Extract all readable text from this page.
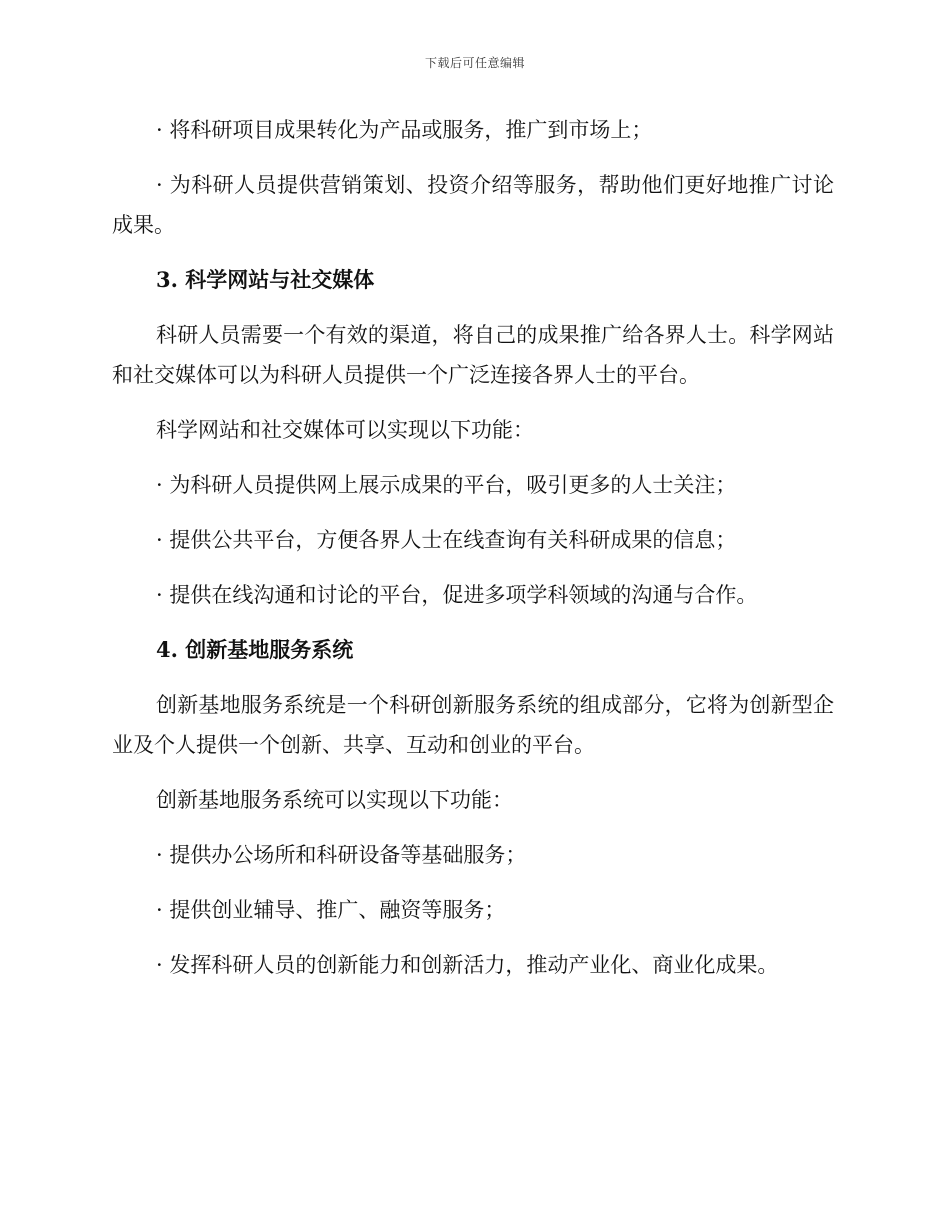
下载后可任意编辑

· 将科研项目成果转化为产品或服务，推广到市场上；

· 为科研人员提供营销策划、投资介绍等服务，帮助他们更好地推广讨论成果。

3. 科学网站与社交媒体

科研人员需要一个有效的渠道，将自己的成果推广给各界人士。科学网站和社交媒体可以为科研人员提供一个广泛连接各界人士的平台。

科学网站和社交媒体可以实现以下功能：

· 为科研人员提供网上展示成果的平台，吸引更多的人士关注；

· 提供公共平台，方便各界人士在线查询有关科研成果的信息；

· 提供在线沟通和讨论的平台，促进多项学科领域的沟通与合作。

4. 创新基地服务系统

创新基地服务系统是一个科研创新服务系统的组成部分，它将为创新型企业及个人提供一个创新、共享、互动和创业的平台。

创新基地服务系统可以实现以下功能：

· 提供办公场所和科研设备等基础服务；

· 提供创业辅导、推广、融资等服务；

· 发挥科研人员的创新能力和创新活力，推动产业化、商业化成果。
